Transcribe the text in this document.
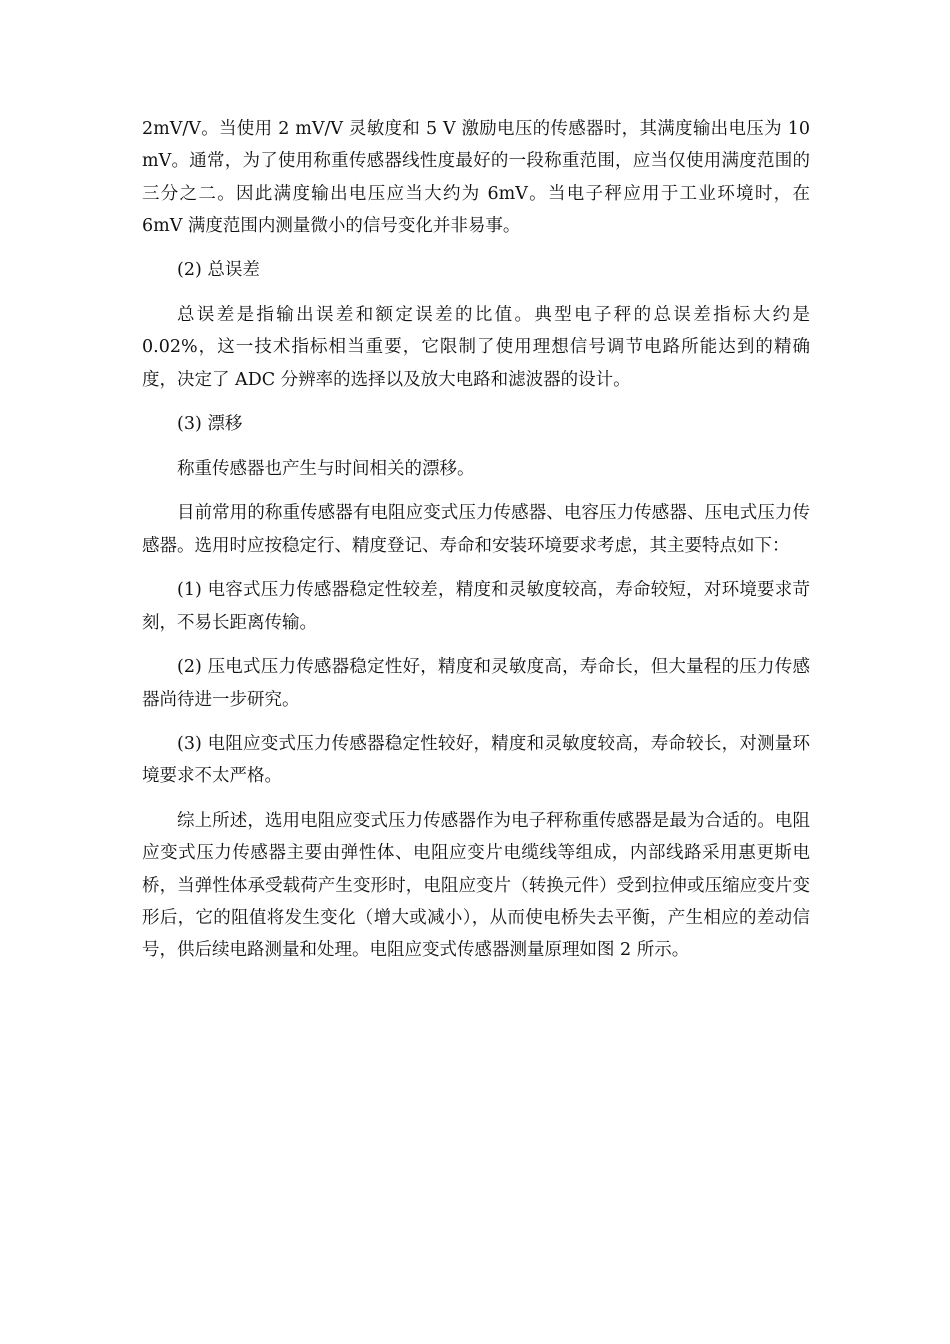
2mV/V。当使用 2 mV/V 灵敏度和 5 V 激励电压的传感器时，其满度输出电压为 10 mV。通常，为了使用称重传感器线性度最好的一段称重范围，应当仅使用满度范围的三分之二。因此满度输出电压应当大约为 6mV。当电子秤应用于工业环境时，在 6mV 满度范围内测量微小的信号变化并非易事。

(2) 总误差

总误差是指输出误差和额定误差的比值。典型电子秤的总误差指标大约是 0.02%，这一技术指标相当重要，它限制了使用理想信号调节电路所能达到的精确度，决定了 ADC 分辨率的选择以及放大电路和滤波器的设计。

(3) 漂移

称重传感器也产生与时间相关的漂移。

目前常用的称重传感器有电阻应变式压力传感器、电容压力传感器、压电式压力传感器。选用时应按稳定行、精度登记、寿命和安装环境要求考虑，其主要特点如下：

(1) 电容式压力传感器稳定性较差，精度和灵敏度较高，寿命较短，对环境要求苛刻，不易长距离传输。

(2) 压电式压力传感器稳定性好，精度和灵敏度高，寿命长，但大量程的压力传感器尚待进一步研究。

(3) 电阻应变式压力传感器稳定性较好，精度和灵敏度较高，寿命较长，对测量环境要求不太严格。

综上所述，选用电阻应变式压力传感器作为电子秤称重传感器是最为合适的。电阻应变式压力传感器主要由弹性体、电阻应变片电缆线等组成，内部线路采用惠更斯电桥，当弹性体承受载荷产生变形时，电阻应变片（转换元件）受到拉伸或压缩应变片变形后，它的阻值将发生变化（增大或减小），从而使电桥失去平衡，产生相应的差动信号，供后续电路测量和处理。电阻应变式传感器测量原理如图 2 所示。
